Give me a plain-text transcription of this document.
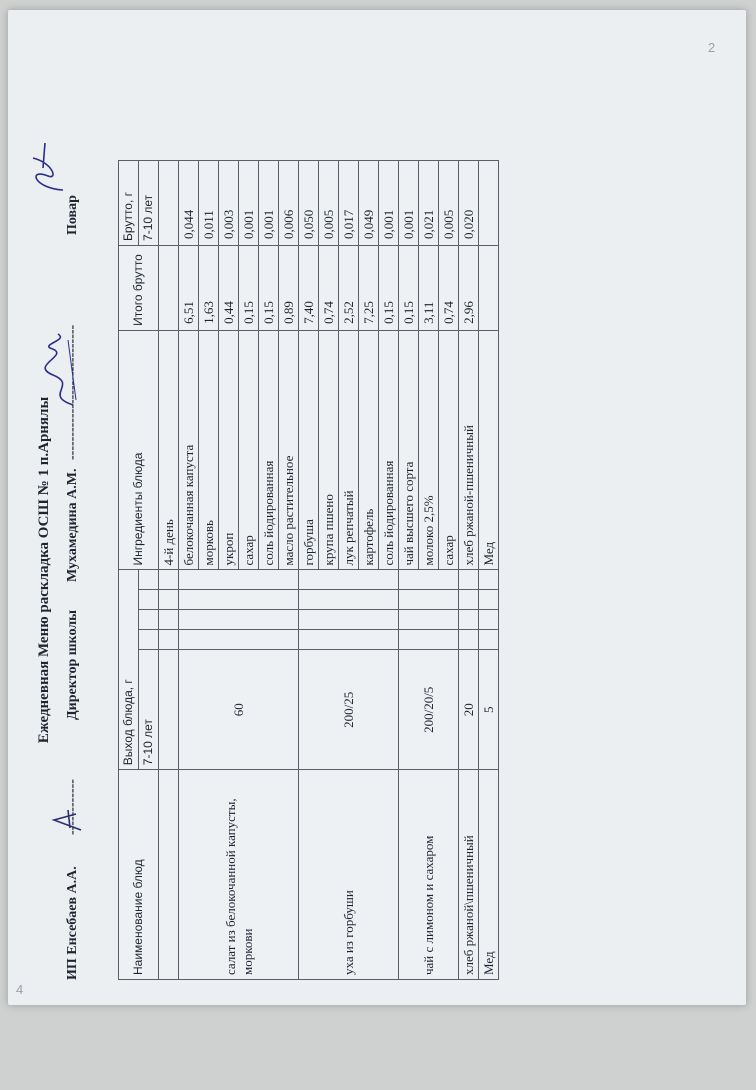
4
2
Ежедневная Меню раскладка ОСШ № 1 п.Арнялы
ИП Енсебаев А.А.
------------
Директор школы
Мухамедина А.М.
-----------------------------
Повар
Наименование блюд	Выход блюда, г					Ингредиенты блюда	Итого брутто	Брутто, г
	7-10 лет							7-10 лет
						4-й день		
салат из белокочанной капусты, моркови	60					белокочанная капуста	6,51	0,044
						морковь	1,63	0,011
						укроп	0,44	0,003
						сахар	0,15	0,001
						соль йодированная	0,15	0,001
						масло растительное	0,89	0,006
уха из горбуши	200/25					горбуша	7,40	0,050
						крупа пшено	0,74	0,005
						лук репчатый	2,52	0,017
						картофель	7,25	0,049
						соль йодированная	0,15	0,001
чай с лимоном и сахаром	200/20/5					чай высшего сорта	0,15	0,001
						молоко 2,5%	3,11	0,021
						сахар	0,74	0,005
хлеб ржаной\пшеничный	20					хлеб ржаной-пшеничный	2,96	0,020
Мед	5					Мед		
